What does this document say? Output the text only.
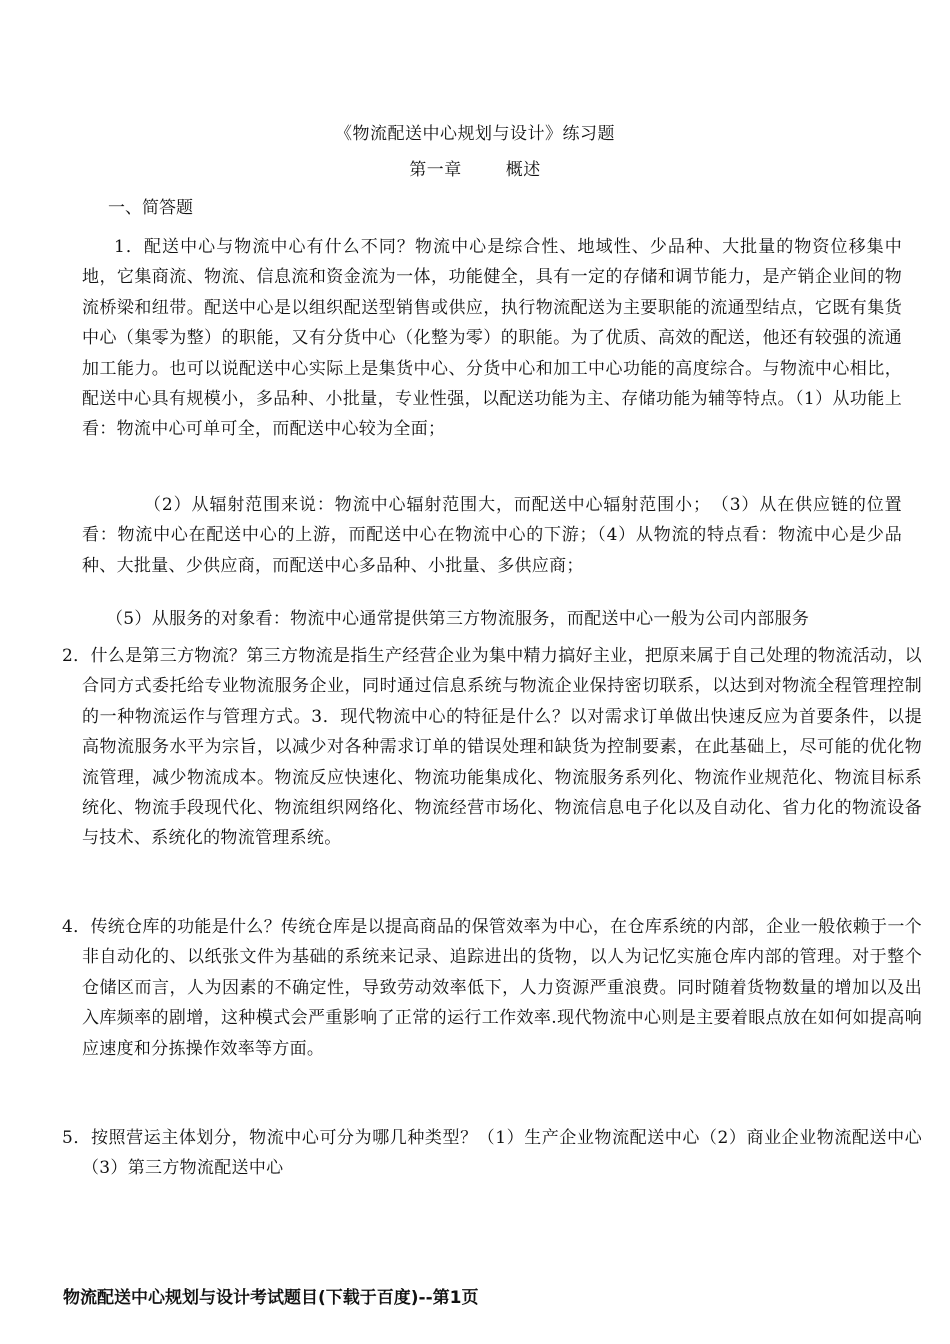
《物流配送中心规划与设计》练习题
第一章	概述
一、简答题
1．配送中心与物流中心有什么不同？物流中心是综合性、地域性、少品种、大批量的物资位移集中地，它集商流、物流、信息流和资金流为一体，功能健全，具有一定的存储和调节能力，是产销企业间的物流桥梁和纽带。配送中心是以组织配送型销售或供应，执行物流配送为主要职能的流通型结点，它既有集货中心（集零为整）的职能，又有分货中心（化整为零）的职能。为了优质、高效的配送，他还有较强的流通加工能力。也可以说配送中心实际上是集货中心、分货中心和加工中心功能的高度综合。与物流中心相比，配送中心具有规模小，多品种、小批量，专业性强，以配送功能为主、存储功能为辅等特点。（1）从功能上看：物流中心可单可全，而配送中心较为全面；
（2）从辐射范围来说：物流中心辐射范围大，而配送中心辐射范围小；　（3）从在供应链的位置看：物流中心在配送中心的上游，而配送中心在物流中心的下游；（4）从物流的特点看：物流中心是少品种、大批量、少供应商，而配送中心多品种、小批量、多供应商；
（5）从服务的对象看：物流中心通常提供第三方物流服务，而配送中心一般为公司内部服务
2．什么是第三方物流？第三方物流是指生产经营企业为集中精力搞好主业，把原来属于自己处理的物流活动，以合同方式委托给专业物流服务企业，同时通过信息系统与物流企业保持密切联系，以达到对物流全程管理控制的一种物流运作与管理方式。3．现代物流中心的特征是什么？以对需求订单做出快速反应为首要条件，以提高物流服务水平为宗旨，以减少对各种需求订单的错误处理和缺货为控制要素，在此基础上，尽可能的优化物流管理，减少物流成本。物流反应快速化、物流功能集成化、物流服务系列化、物流作业规范化、物流目标系统化、物流手段现代化、物流组织网络化、物流经营市场化、物流信息电子化以及自动化、省力化的物流设备与技术、系统化的物流管理系统。
4．传统仓库的功能是什么？传统仓库是以提高商品的保管效率为中心，在仓库系统的内部，企业一般依赖于一个非自动化的、以纸张文件为基础的系统来记录、追踪进出的货物，以人为记忆实施仓库内部的管理。对于整个仓储区而言，人为因素的不确定性，导致劳动效率低下，人力资源严重浪费。同时随着货物数量的增加以及出入库频率的剧增，这种模式会严重影响了正常的运行工作效率.现代物流中心则是主要着眼点放在如何如提高响应速度和分拣操作效率等方面。
5．按照营运主体划分，物流中心可分为哪几种类型？（1）生产企业物流配送中心（2）商业企业物流配送中心（3）第三方物流配送中心
物流配送中心规划与设计考试题目(下载于百度)--第1页
